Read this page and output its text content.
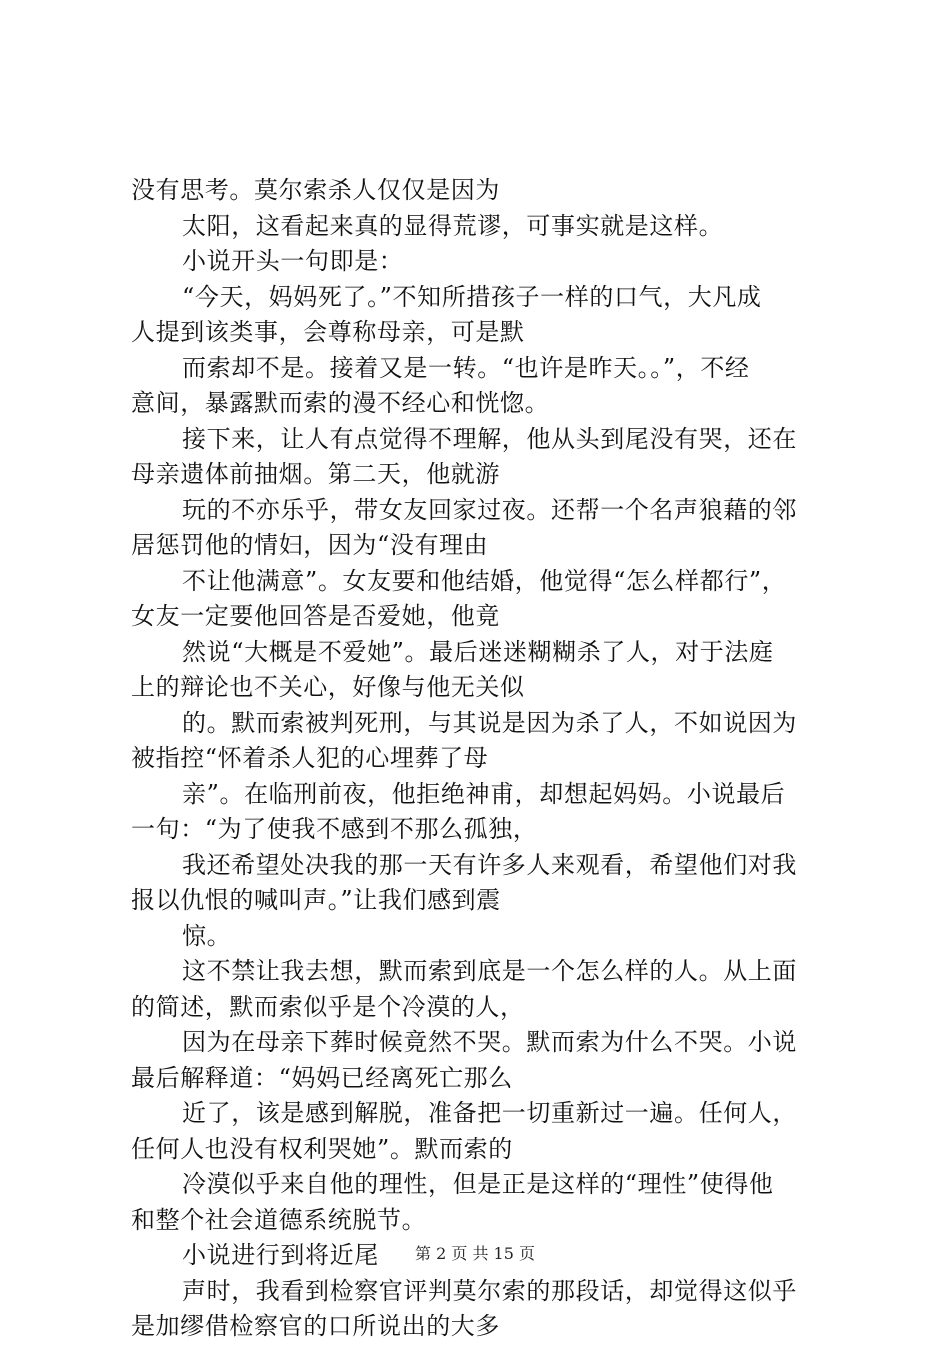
没有思考。莫尔索杀人仅仅是因为
太阳，这看起来真的显得荒谬，可事实就是这样。
小说开头一句即是：
“今天，妈妈死了。”不知所措孩子一样的口气，大凡成
人提到该类事，会尊称母亲，可是默
而索却不是。接着又是一转。“也许是昨天。。”，不经
意间，暴露默而索的漫不经心和恍惚。
接下来，让人有点觉得不理解，他从头到尾没有哭，还在
母亲遗体前抽烟。第二天，他就游
玩的不亦乐乎，带女友回家过夜。还帮一个名声狼藉的邻
居惩罚他的情妇，因为“没有理由
不让他满意”。女友要和他结婚，他觉得“怎么样都行”，
女友一定要他回答是否爱她，他竟
然说“大概是不爱她”。最后迷迷糊糊杀了人，对于法庭
上的辩论也不关心，好像与他无关似
的。默而索被判死刑，与其说是因为杀了人，不如说因为
被指控“怀着杀人犯的心埋葬了母
亲”。在临刑前夜，他拒绝神甫，却想起妈妈。小说最后
一句：“为了使我不感到不那么孤独，
我还希望处决我的那一天有许多人来观看，希望他们对我
报以仇恨的喊叫声。”让我们感到震
惊。
这不禁让我去想，默而索到底是一个怎么样的人。从上面
的简述，默而索似乎是个冷漠的人，
因为在母亲下葬时候竟然不哭。默而索为什么不哭。小说
最后解释道：“妈妈已经离死亡那么
近了，该是感到解脱，准备把一切重新过一遍。任何人，
任何人也没有权利哭她”。默而索的
冷漠似乎来自他的理性，但是正是这样的“理性”使得他
和整个社会道德系统脱节。
小说进行到将近尾
声时，我看到检察官评判莫尔索的那段话，却觉得这似乎
是加缪借检察官的口所说出的大多
第 2 页 共 15 页
